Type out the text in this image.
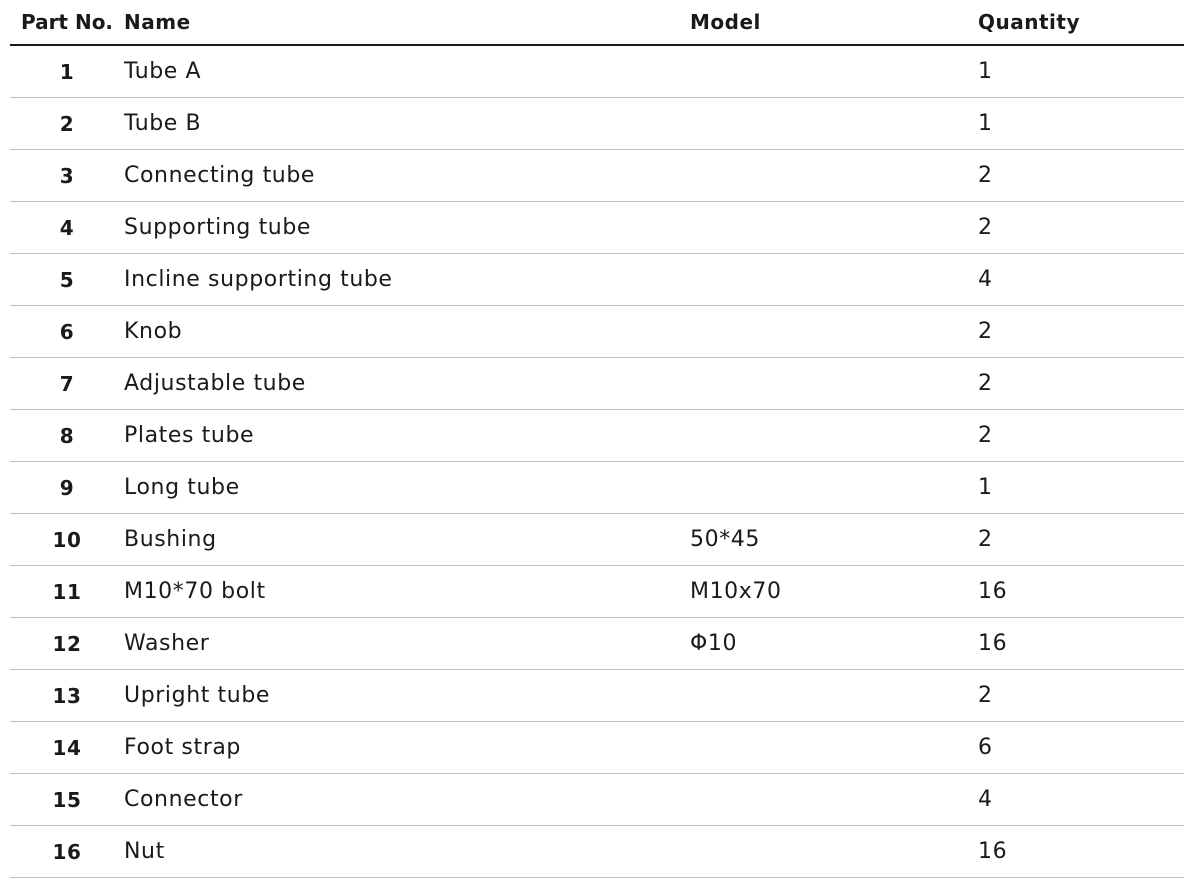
Part No.	Name	Model	Quantity
1	Tube A		1
2	Tube B		1
3	Connecting tube		2
4	Supporting tube		2
5	Incline supporting tube		4
6	Knob		2
7	Adjustable tube		2
8	Plates tube		2
9	Long tube		1
10	Bushing	50*45	2
11	M10*70 bolt	M10x70	16
12	Washer	Φ10	16
13	Upright tube		2
14	Foot strap		6
15	Connector		4
16	Nut		16
